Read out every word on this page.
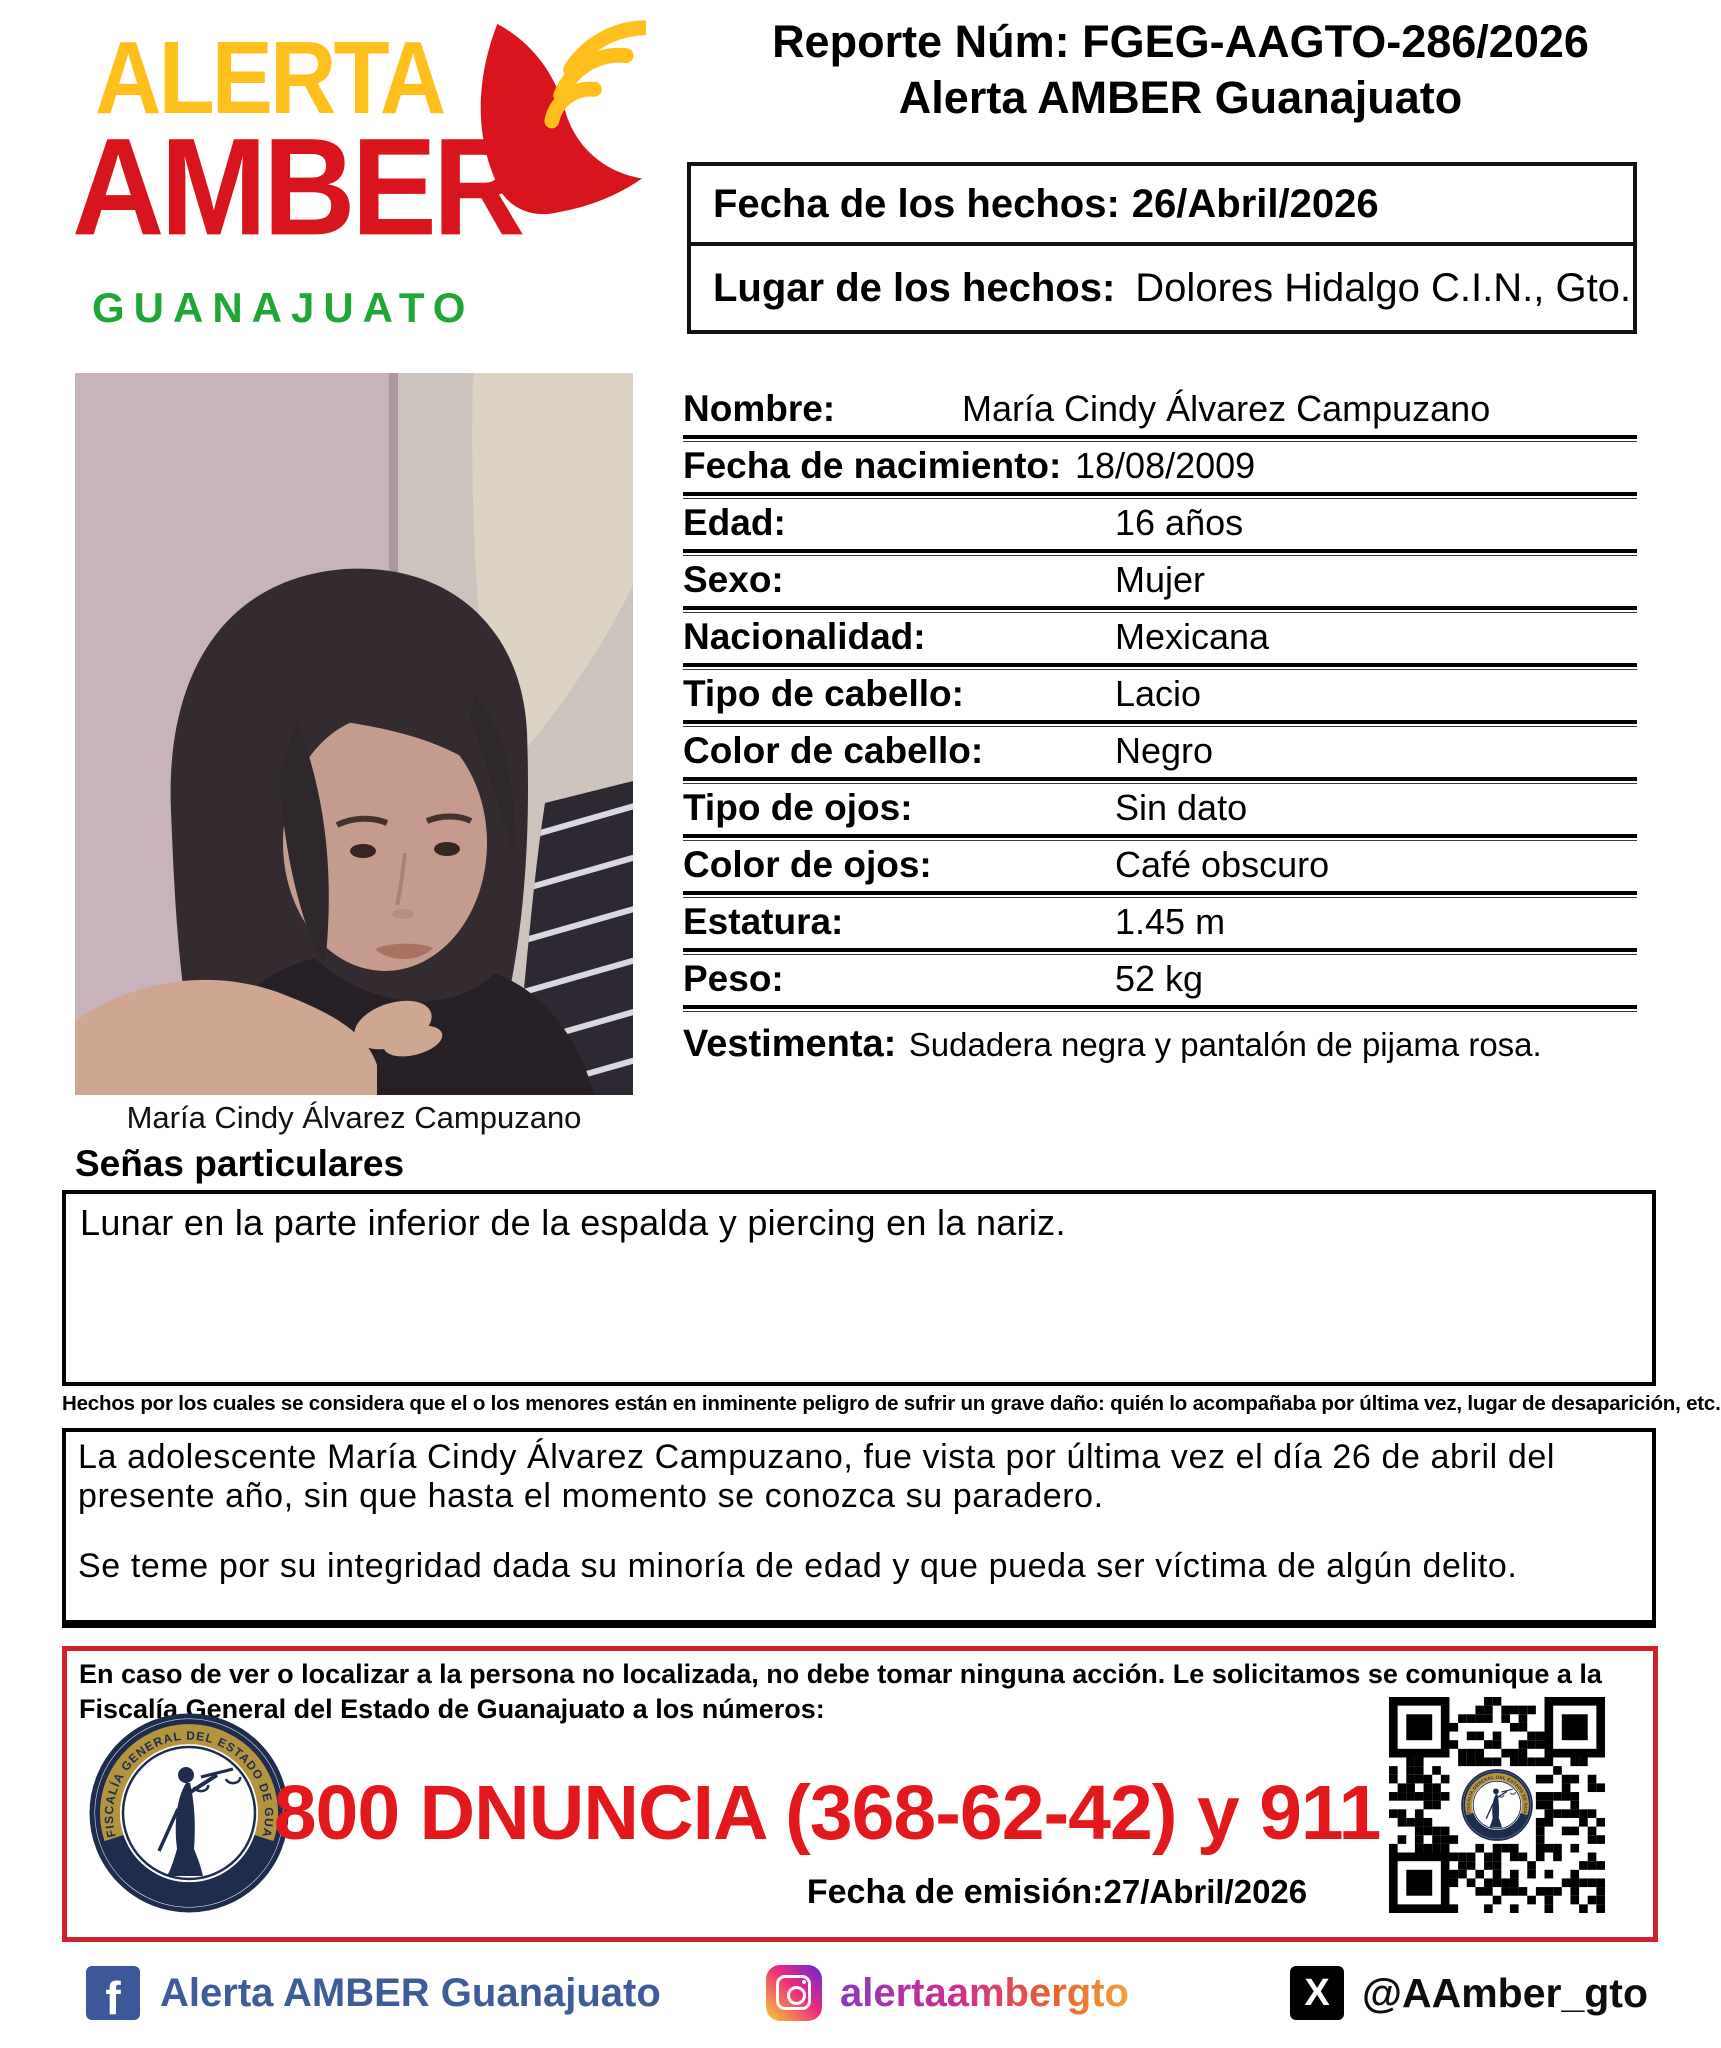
ALERTA
AMBER
GUANAJUATO
Reporte Núm: FGEG-AAGTO-286/2026
Alerta AMBER Guanajuato
Fecha de los hechos: 26/Abril/2026
Lugar de los hechos: Dolores Hidalgo C.I.N., Gto.
María Cindy Álvarez Campuzano
Nombre:	María Cindy Álvarez Campuzano
Fecha de nacimiento: 18/08/2009
Edad:	16 años
Sexo:	Mujer
Nacionalidad:	Mexicana
Tipo de cabello:	Lacio
Color de cabello:	Negro
Tipo de ojos:	Sin dato
Color de ojos:	Café obscuro
Estatura:	1.45 m
Peso:	52 kg
Vestimenta: Sudadera negra y pantalón de pijama rosa.
Señas particulares
Lunar en la parte inferior de la espalda y piercing en la nariz.
Hechos por los cuales se considera que el o los menores están en inminente peligro de sufrir un grave daño: quién lo acompañaba por última vez, lugar de desaparición, etc.

La adolescente María Cindy Álvarez Campuzano, fue vista por última vez el día 26 de abril del presente año, sin que hasta el momento se conozca su paradero.

Se teme por su integridad dada su minoría de edad y que pueda ser víctima de algún delito.

En caso de ver o localizar a la persona no localizada, no debe tomar ninguna acción. Le solicitamos se comunique a la Fiscalía General del Estado de Guanajuato a los números:
800 DNUNCIA (368-62-42) y 911
Fecha de emisión:27/Abril/2026
f Alerta AMBER Guanajuato	alertaambergto	X @AAmber_gto
